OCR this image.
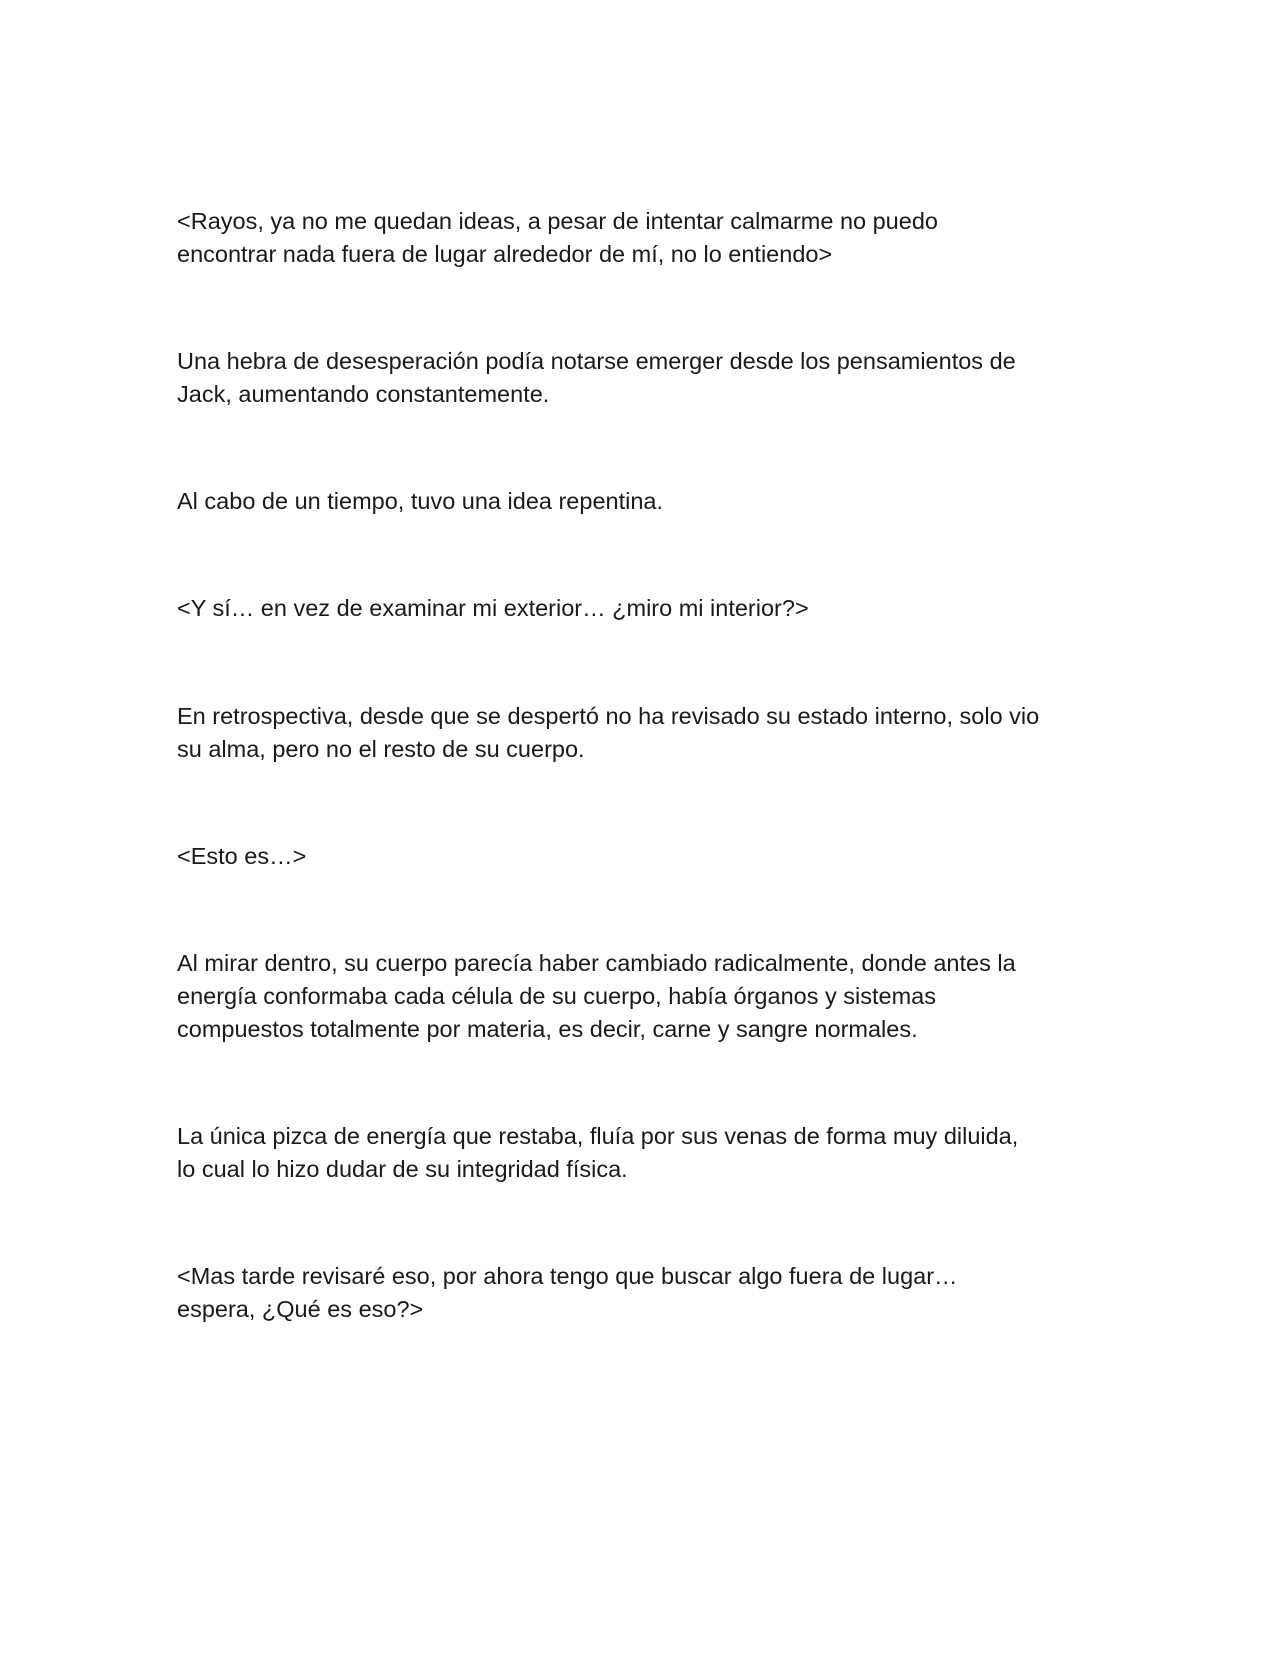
<Rayos, ya no me quedan ideas, a pesar de intentar calmarme no puedo
encontrar nada fuera de lugar alrededor de mí, no lo entiendo>

Una hebra de desesperación podía notarse emerger desde los pensamientos de
Jack, aumentando constantemente.

Al cabo de un tiempo, tuvo una idea repentina.

<Y sí… en vez de examinar mi exterior… ¿miro mi interior?>

En retrospectiva, desde que se despertó no ha revisado su estado interno, solo vio
su alma, pero no el resto de su cuerpo.

<Esto es…>

Al mirar dentro, su cuerpo parecía haber cambiado radicalmente, donde antes la
energía conformaba cada célula de su cuerpo, había órganos y sistemas
compuestos totalmente por materia, es decir, carne y sangre normales.

La única pizca de energía que restaba, fluía por sus venas de forma muy diluida,
lo cual lo hizo dudar de su integridad física.

<Mas tarde revisaré eso, por ahora tengo que buscar algo fuera de lugar…
espera, ¿Qué es eso?>
